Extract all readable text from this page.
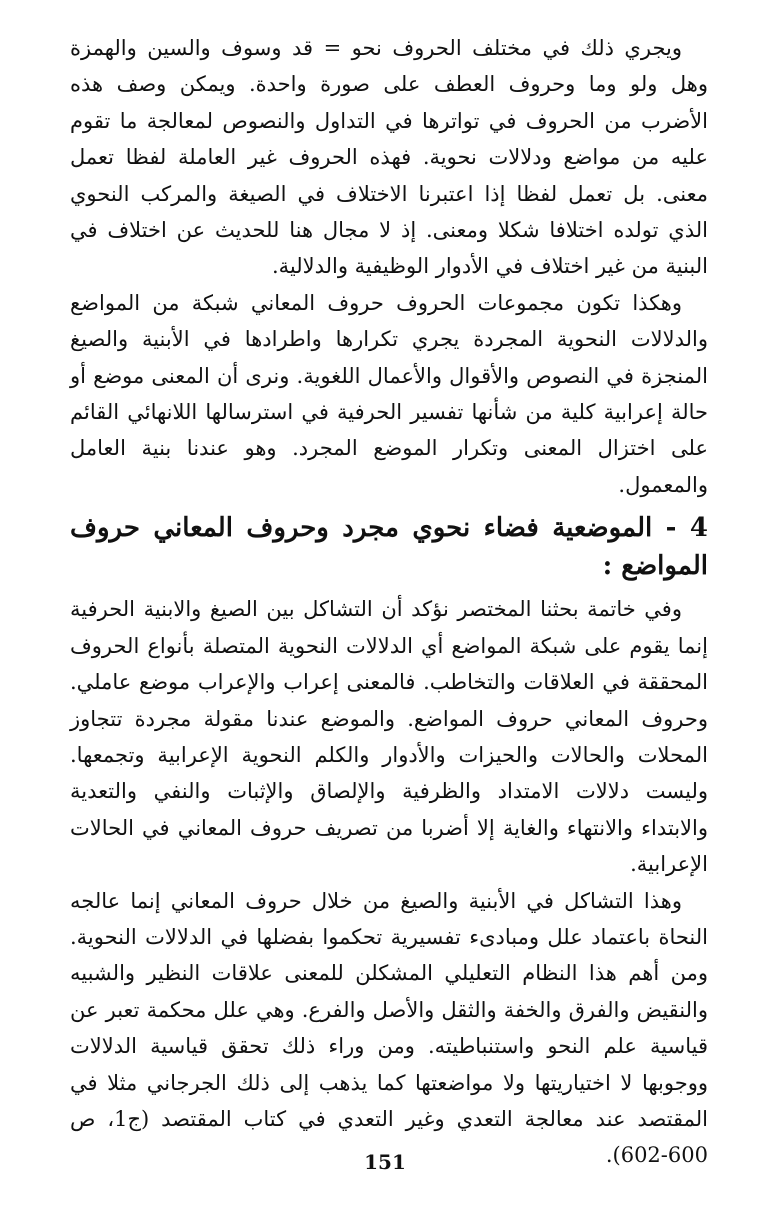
ويجري ذلك في مختلف الحروف نحو = قد وسوف والسين والهمزة وهل ولو وما وحروف العطف على صورة واحدة. ويمكن وصف هذه الأضرب من الحروف في تواترها في التداول والنصوص لمعالجة ما تقوم عليه من مواضع ودلالات نحوية. فهذه الحروف غير العاملة لفظا تعمل معنى. بل تعمل لفظا إذا اعتبرنا الاختلاف في الصيغة والمركب النحوي الذي تولده اختلافا شكلا ومعنى. إذ لا مجال هنا للحديث عن اختلاف في البنية من غير اختلاف في الأدوار الوظيفية والدلالية.

وهكذا تكون مجموعات الحروف حروف المعاني شبكة من المواضع والدلالات النحوية المجردة يجري تكرارها واطرادها في الأبنية والصيغ المنجزة في النصوص والأقوال والأعمال اللغوية. ونرى أن المعنى موضع أو حالة إعرابية كلية من شأنها تفسير الحرفية في استرسالها اللانهائي القائم على اختزال المعنى وتكرار الموضع المجرد. وهو عندنا بنية العامل والمعمول.

4 - الموضعية فضاء نحوي مجرد وحروف المعاني حروف المواضع :

وفي خاتمة بحثنا المختصر نؤكد أن التشاكل بين الصيغ والابنية الحرفية إنما يقوم على شبكة المواضع أي الدلالات النحوية المتصلة بأنواع الحروف المحققة في العلاقات والتخاطب. فالمعنى إعراب والإعراب موضع عاملي. وحروف المعاني حروف المواضع. والموضع عندنا مقولة مجردة تتجاوز المحلات والحالات والحيزات والأدوار والكلم النحوية الإعرابية وتجمعها. وليست دلالات الامتداد والظرفية والإلصاق والإثبات والنفي والتعدية والابتداء والانتهاء والغاية إلا أضربا من تصريف حروف المعاني في الحالات الإعرابية.

وهذا التشاكل في الأبنية والصيغ من خلال حروف المعاني إنما عالجه النحاة باعتماد علل ومبادىء تفسيرية تحكموا بفضلها في الدلالات النحوية. ومن أهم هذا النظام التعليلي المشكلن للمعنى علاقات النظير والشبيه والنقيض والفرق والخفة والثقل والأصل والفرع. وهي علل محكمة تعبر عن قياسية علم النحو واستنباطيته. ومن وراء ذلك تحقق قياسية الدلالات ووجوبها لا اختياريتها ولا مواضعتها كما يذهب إلى ذلك الجرجاني مثلا في المقتصد عند معالجة التعدي وغير التعدي في كتاب المقتصد (ج1، ص 600-602).

151
